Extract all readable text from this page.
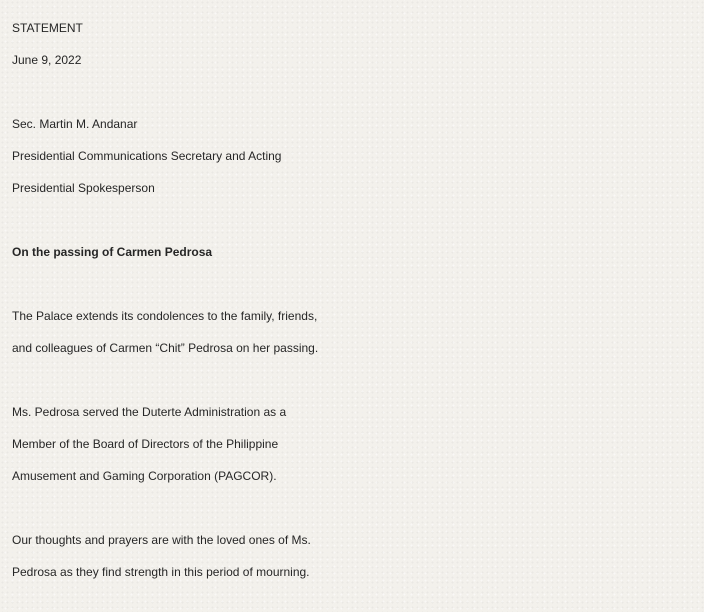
STATEMENT
June 9, 2022
Sec. Martin M. Andanar
Presidential Communications Secretary and Acting
Presidential Spokesperson
On the passing of Carmen Pedrosa
The Palace extends its condolences to the family, friends,
and colleagues of Carmen “Chit” Pedrosa on her passing.
Ms. Pedrosa served the Duterte Administration as a
Member of the Board of Directors of the Philippine
Amusement and Gaming Corporation (PAGCOR).
Our thoughts and prayers are with the loved ones of Ms.
Pedrosa as they find strength in this period of mourning.
